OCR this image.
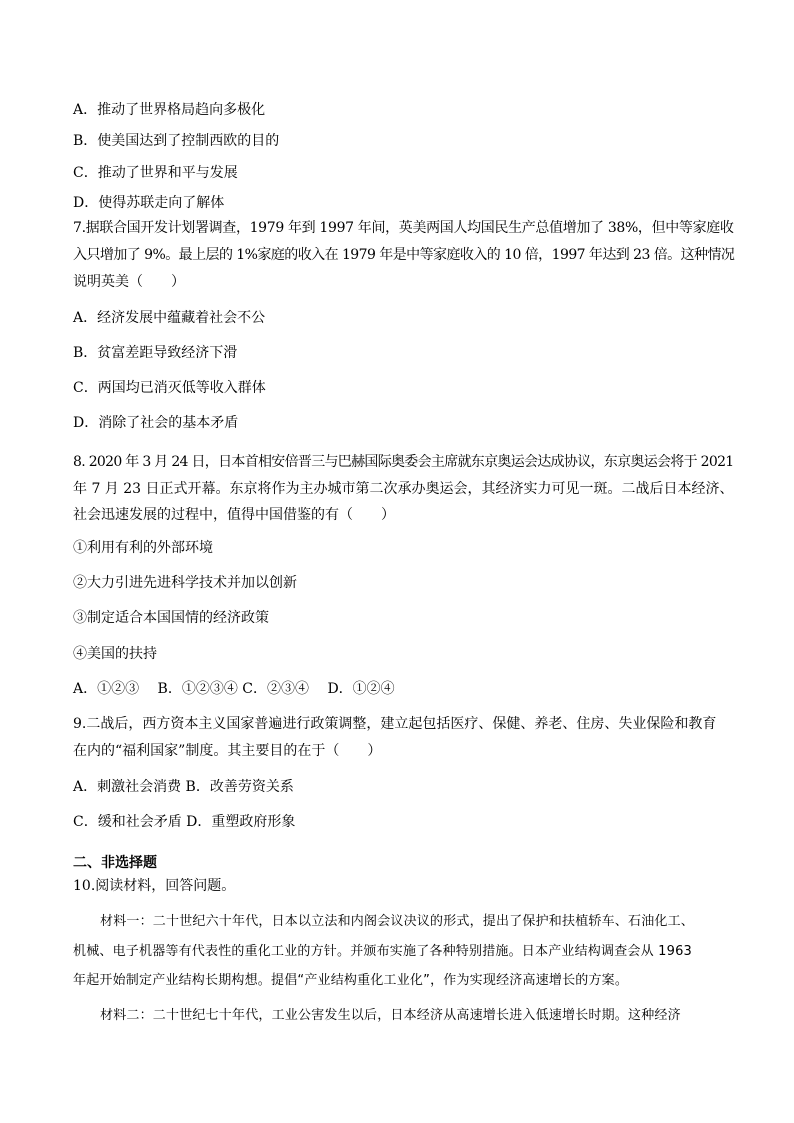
A．推动了世界格局趋向多极化
B．使美国达到了控制西欧的目的
C．推动了世界和平与发展
D．使得苏联走向了解体
7.据联合国开发计划署调查，1979 年到 1997 年间，英美两国人均国民生产总值增加了 38%，但中等家庭收
入只增加了 9%。最上层的 1%家庭的收入在 1979 年是中等家庭收入的 10 倍，1997 年达到 23 倍。这种情况
说明英美（　　）
A．经济发展中蕴藏着社会不公
B．贫富差距导致经济下滑
C．两国均已消灭低等收入群体
D．消除了社会的基本矛盾
8. 2020 年 3 月 24 日，日本首相安倍晋三与巴赫国际奥委会主席就东京奥运会达成协议，东京奥运会将于 2021
年 7 月 23 日正式开幕。东京将作为主办城市第二次承办奥运会，其经济实力可见一斑。二战后日本经济、
社会迅速发展的过程中，值得中国借鉴的有（　　）
①利用有利的外部环境
②大力引进先进科学技术并加以创新
③制定适合本国国情的经济政策
④美国的扶持
A．①②③　 B．①②③④ C．②③④　 D．①②④
9.二战后，西方资本主义国家普遍进行政策调整，建立起包括医疗、保健、养老、住房、失业保险和教育
在内的“福利国家”制度。其主要目的在于（　　）
A．刺激社会消费 B．改善劳资关系
C．缓和社会矛盾 D．重塑政府形象
二、非选择题
10.阅读材料，回答问题。
材料一：二十世纪六十年代，日本以立法和内阁会议决议的形式，提出了保护和扶植轿车、石油化工、
机械、电子机器等有代表性的重化工业的方针。并颁布实施了各种特别措施。日本产业结构调查会从 1963
年起开始制定产业结构长期构想。提倡“产业结构重化工业化”，作为实现经济高速增长的方案。
材料二：二十世纪七十年代，工业公害发生以后，日本经济从高速增长进入低速增长时期。这种经济
